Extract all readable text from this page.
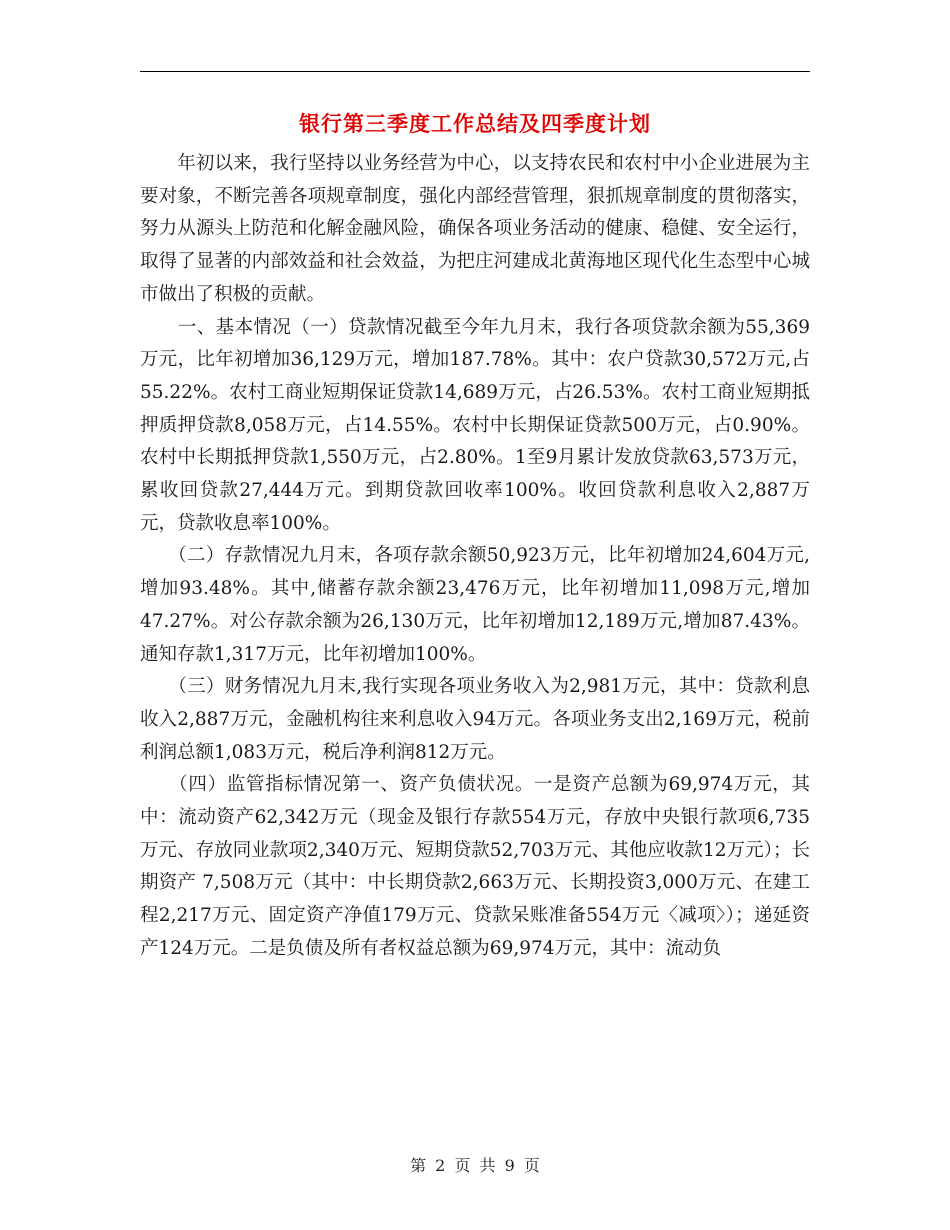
银行第三季度工作总结及四季度计划

　　年初以来，我行坚持以业务经营为中心，以支持农民和农村中小企业进展为主要对象，不断完善各项规章制度，强化内部经营管理，狠抓规章制度的贯彻落实，努力从源头上防范和化解金融风险，确保各项业务活动的健康、稳健、安全运行，取得了显著的内部效益和社会效益，为把庄河建成北黄海地区现代化生态型中心城市做出了积极的贡献。

　　一、基本情况（一）贷款情况截至今年九月末，我行各项贷款余额为55,369万元，比年初增加36,129万元，增加187.78%。其中：农户贷款30,572万元,占55.22%。农村工商业短期保证贷款14,689万元，占26.53%。农村工商业短期抵押质押贷款8,058万元，占14.55%。农村中长期保证贷款500万元，占0.90%。农村中长期抵押贷款1,550万元，占2.80%。1至9月累计发放贷款63,573万元，累收回贷款27,444万元。到期贷款回收率100%。收回贷款利息收入2,887万元，贷款收息率100%。

　　（二）存款情况九月末，各项存款余额50,923万元，比年初增加24,604万元,增加93.48%。其中,储蓄存款余额23,476万元，比年初增加11,098万元,增加47.27%。对公存款余额为26,130万元，比年初增加12,189万元,增加87.43%。通知存款1,317万元，比年初增加100%。

　　（三）财务情况九月末,我行实现各项业务收入为2,981万元，其中：贷款利息收入2,887万元，金融机构往来利息收入94万元。各项业务支出2,169万元，税前利润总额1,083万元，税后净利润812万元。

　　（四）监管指标情况第一、资产负债状况。一是资产总额为69,974万元，其中：流动资产62,342万元（现金及银行存款554万元，存放中央银行款项6,735万元、存放同业款项2,340万元、短期贷款52,703万元、其他应收款12万元）；长期资产 7,508万元（其中：中长期贷款2,663万元、长期投资3,000万元、在建工程2,217万元、固定资产净值179万元、贷款呆账准备554万元〈减项〉）；递延资产124万元。二是负债及所有者权益总额为69,974万元，其中：流动负

第 2 页 共 9 页
